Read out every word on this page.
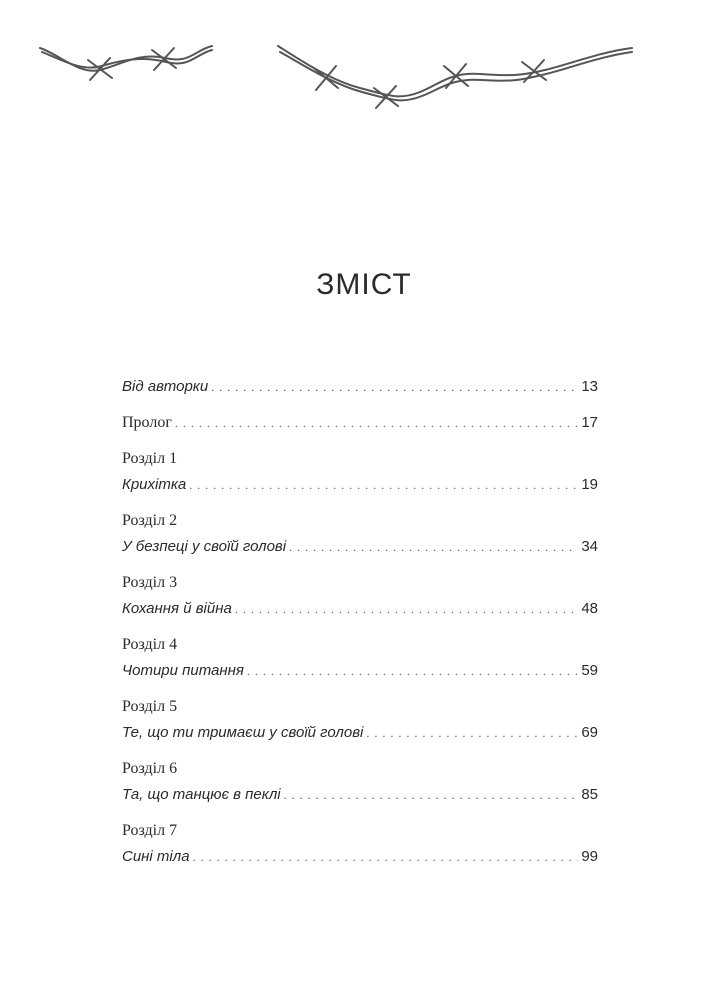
ЗМІСТ
Від авторки . . .	13
Пролог . . .	17
Розділ 1
Крихітка . . .	19
Розділ 2
У безпеці у своїй голові . . .	34
Розділ 3
Кохання й війна . . .	48
Розділ 4
Чотири питання . . .	59
Розділ 5
Те, що ти тримаєш у своїй голові . . .	69
Розділ 6
Та, що танцює в пеклі . . .	85
Розділ 7
Сині тіла . . .	99
